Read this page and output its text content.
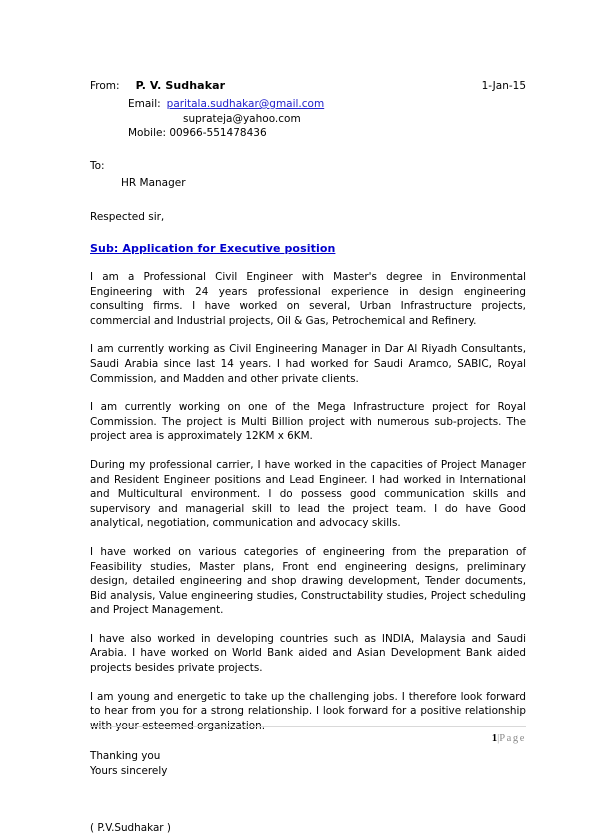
From: P. V. Sudhakar	1-Jan-15
Email: paritala.sudhakar@gmail.com
suprateja@yahoo.com
Mobile: 00966-551478436
To:
HR Manager
Respected sir,
Sub: Application for Executive position
I am a Professional Civil Engineer with Master's degree in Environmental Engineering with 24 years professional experience in design engineering consulting firms. I have worked on several, Urban Infrastructure projects, commercial and Industrial projects, Oil & Gas, Petrochemical and Refinery.
I am currently working as Civil Engineering Manager in Dar Al Riyadh Consultants, Saudi Arabia since last 14 years. I had worked for Saudi Aramco, SABIC, Royal Commission, and Madden and other private clients.
I am currently working on one of the Mega Infrastructure project for Royal Commission. The project is Multi Billion project with numerous sub-projects. The project area is approximately 12KM x 6KM.
During my professional carrier, I have worked in the capacities of Project Manager and Resident Engineer positions and Lead Engineer. I had worked in International and Multicultural environment. I do possess good communication skills and supervisory and managerial skill to lead the project team. I do have Good analytical, negotiation, communication and advocacy skills.
I have worked on various categories of engineering from the preparation of Feasibility studies, Master plans, Front end engineering designs, preliminary design, detailed engineering and shop drawing development, Tender documents, Bid analysis, Value engineering studies, Constructability studies, Project scheduling and Project Management.
I have also worked in developing countries such as INDIA, Malaysia and Saudi Arabia. I have worked on World Bank aided and Asian Development Bank aided projects besides private projects.
I am young and energetic to take up the challenging jobs. I therefore look forward to hear from you for a strong relationship. I look forward for a positive relationship with your esteemed organization.
Thanking you
Yours sincerely
( P.V.Sudhakar )
1|Page
